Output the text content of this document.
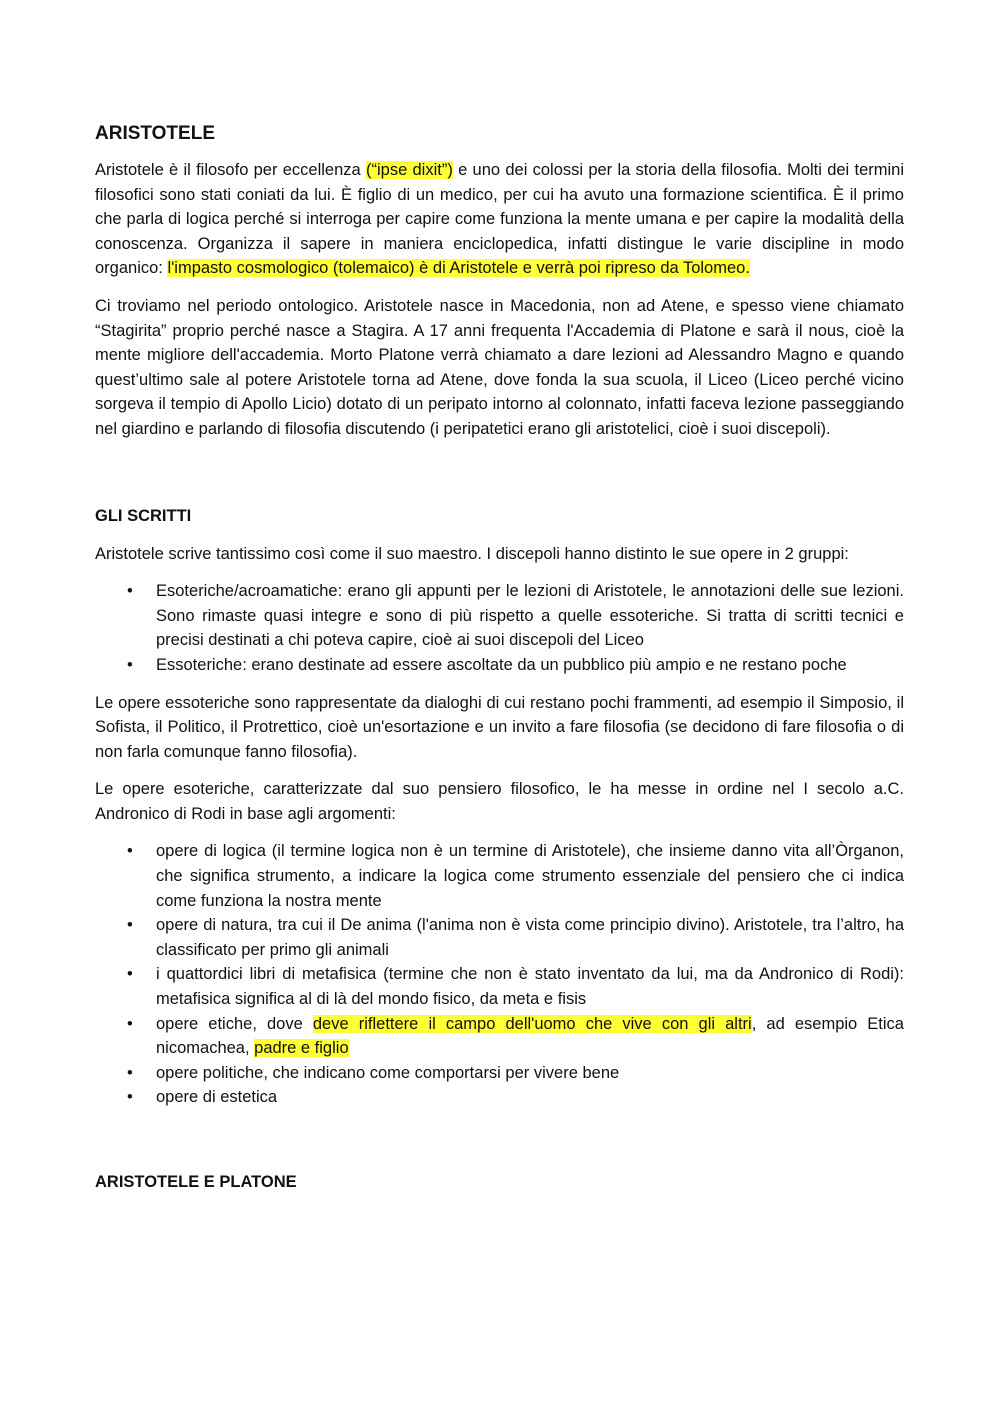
ARISTOTELE

Aristotele è il filosofo per eccellenza (“ipse dixit”) e uno dei colossi per la storia della filosofia. Molti dei termini filosofici sono stati coniati da lui. È figlio di un medico, per cui ha avuto una formazione scientifica. È il primo che parla di logica perché si interroga per capire come funziona la mente umana e per capire la modalità della conoscenza. Organizza il sapere in maniera enciclopedica, infatti distingue le varie discipline in modo organico: l'impasto cosmologico (tolemaico) è di Aristotele e verrà poi ripreso da Tolomeo.

Ci troviamo nel periodo ontologico. Aristotele nasce in Macedonia, non ad Atene, e spesso viene chiamato “Stagirita” proprio perché nasce a Stagira. A 17 anni frequenta l'Accademia di Platone e sarà il nous, cioè la mente migliore dell'accademia. Morto Platone verrà chiamato a dare lezioni ad Alessandro Magno e quando quest’ultimo sale al potere Aristotele torna ad Atene, dove fonda la sua scuola, il Liceo (Liceo perché vicino sorgeva il tempio di Apollo Licio) dotato di un peripato intorno al colonnato, infatti faceva lezione passeggiando nel giardino e parlando di filosofia discutendo (i peripatetici erano gli aristotelici, cioè i suoi discepoli).

GLI SCRITTI

Aristotele scrive tantissimo così come il suo maestro. I discepoli hanno distinto le sue opere in 2 gruppi:

• Esoteriche/acroamatiche: erano gli appunti per le lezioni di Aristotele, le annotazioni delle sue lezioni. Sono rimaste quasi integre e sono di più rispetto a quelle essoteriche. Si tratta di scritti tecnici e precisi destinati a chi poteva capire, cioè ai suoi discepoli del Liceo
• Essoteriche: erano destinate ad essere ascoltate da un pubblico più ampio e ne restano poche

Le opere essoteriche sono rappresentate da dialoghi di cui restano pochi frammenti, ad esempio il Simposio, il Sofista, il Politico, il Protrettico, cioè un'esortazione e un invito a fare filosofia (se decidono di fare filosofia o di non farla comunque fanno filosofia).

Le opere esoteriche, caratterizzate dal suo pensiero filosofico, le ha messe in ordine nel I secolo a.C. Andronico di Rodi in base agli argomenti:

• opere di logica (il termine logica non è un termine di Aristotele), che insieme danno vita all’Òrganon, che significa strumento, a indicare la logica come strumento essenziale del pensiero che ci indica come funziona la nostra mente
• opere di natura, tra cui il De anima (l'anima non è vista come principio divino). Aristotele, tra l’altro, ha classificato per primo gli animali
• i quattordici libri di metafisica (termine che non è stato inventato da lui, ma da Andronico di Rodi): metafisica significa al di là del mondo fisico, da meta e fisis
• opere etiche, dove deve riflettere il campo dell'uomo che vive con gli altri, ad esempio Etica nicomachea, padre e figlio
• opere politiche, che indicano come comportarsi per vivere bene
• opere di estetica
ARISTOTELE E PLATONE
